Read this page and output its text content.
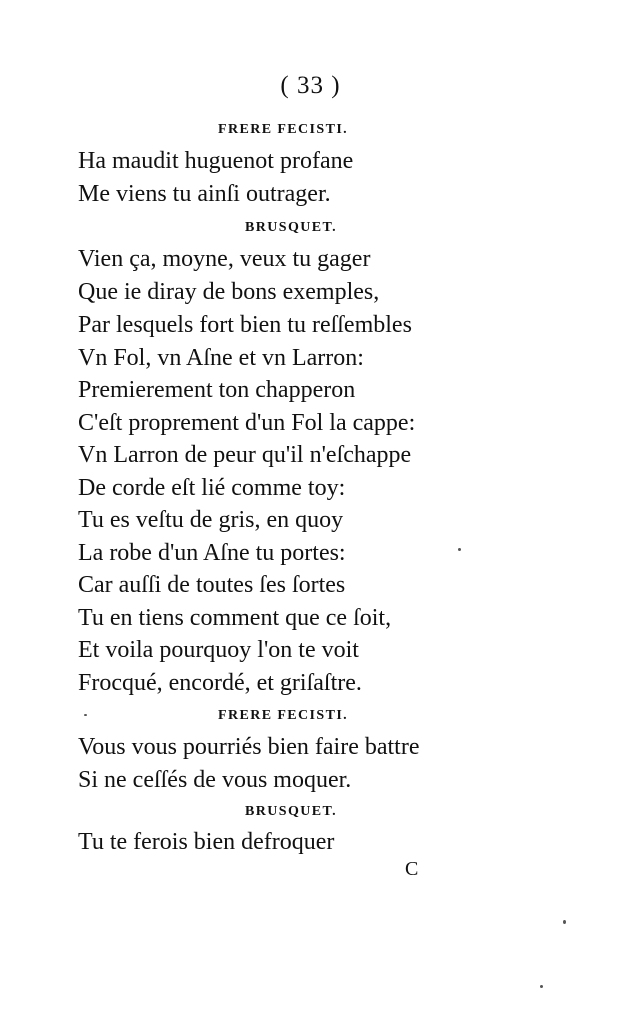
( 33 )
FRERE FECISTI.
Ha maudit huguenot profane
Me viens tu ainſi outrager.
BRUSQUET.
Vien ça, moyne, veux tu gager
Que ie diray de bons exemples,
Par lesquels fort bien tu reſſembles
Vn Fol, vn Aſne et vn Larron:
Premierement ton chapperon
C'eſt proprement d'un Fol la cappe:
Vn Larron de peur qu'il n'eſchappe
De corde eſt lié comme toy:
Tu es veſtu de gris, en quoy
La robe d'un Aſne tu portes:
Car auſſi de toutes ſes ſortes
Tu en tiens comment que ce ſoit,
Et voila pourquoy l'on te voit
Frocqué, encordé, et griſaſtre.
FRERE FECISTI.
Vous vous pourriés bien faire battre
Si ne ceſſés de vous moquer.
BRUSQUET.
Tu te ferois bien defroquer
C
